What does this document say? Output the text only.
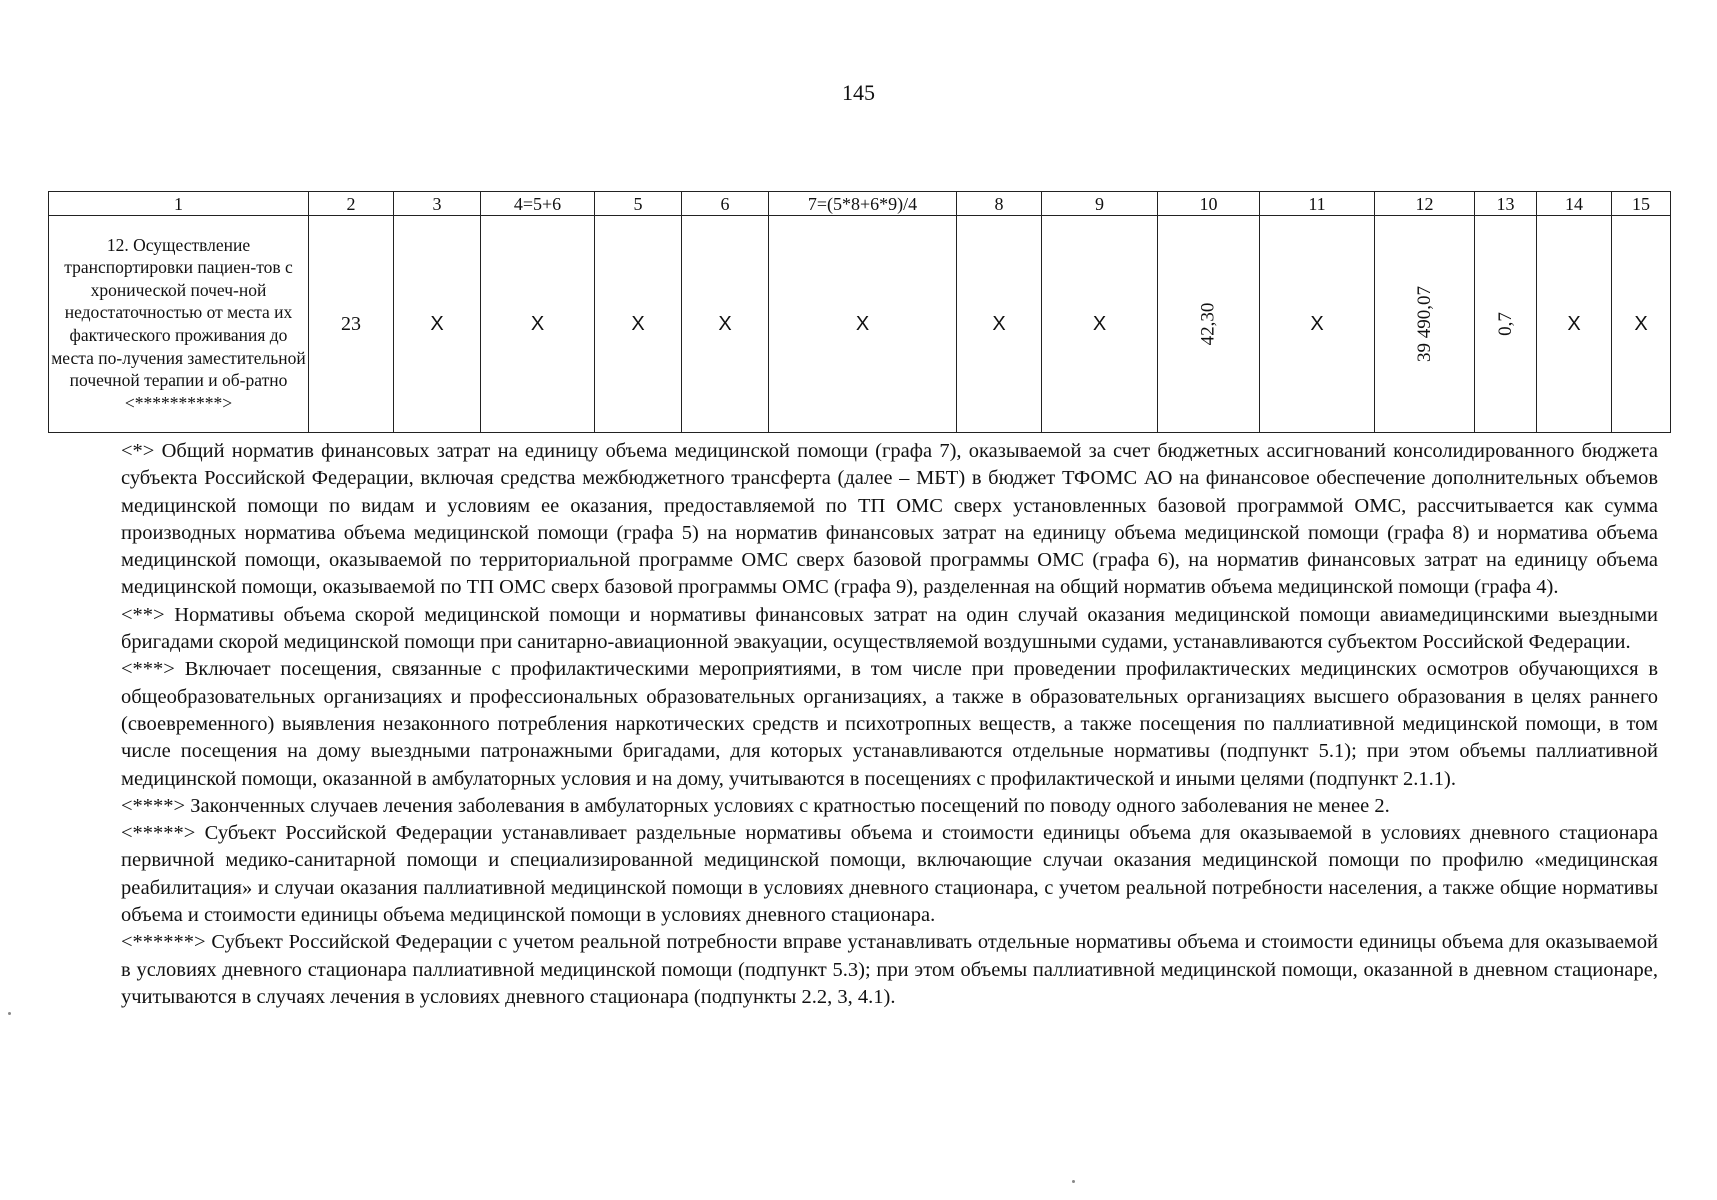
145
1	2	3	4=5+6	5	6	7=(5*8+6*9)/4	8	9	10	11	12	13	14	15
12. Осуществление транспортировки пациен-тов с хронической почеч-ной недостаточностью от места их фактического проживания до места по-лучения заместительной почечной терапии и об-ратно <**********>	23	Х	Х	Х	Х	Х	Х	Х	42,30	Х	39 490,07	0,7	Х	Х

<*> Общий норматив финансовых затрат на единицу объема медицинской помощи (графа 7), оказываемой за счет бюджетных ассигнований консолидированного бюджета субъекта Российской Федерации, включая средства межбюджетного трансферта (далее – МБТ) в бюджет ТФОМС АО на финансовое обеспечение дополнительных объемов медицинской помощи по видам и условиям ее оказания, предоставляемой по ТП ОМС сверх установленных базовой программой ОМС, рассчитывается как сумма производных норматива объема медицинской помощи (графа 5) на норматив финансовых затрат на единицу объема медицинской помощи (графа 8) и норматива объема медицинской помощи, оказываемой по территориальной программе ОМС сверх базовой программы ОМС (графа 6), на норматив финансовых затрат на единицу объема медицинской помощи, оказываемой по ТП ОМС сверх базовой программы ОМС (графа 9), разделенная на общий норматив объема медицинской помощи (графа 4).

<**> Нормативы объема скорой медицинской помощи и нормативы финансовых затрат на один случай оказания медицинской помощи авиамедицинскими выездными бригадами скорой медицинской помощи при санитарно-авиационной эвакуации, осуществляемой воздушными судами, устанавливаются субъектом Российской Федерации.

<***> Включает посещения, связанные с профилактическими мероприятиями, в том числе при проведении профилактических медицинских осмотров обучающихся в общеобразовательных организациях и профессиональных образовательных организациях, а также в образовательных организациях высшего образования в целях раннего (своевременного) выявления незаконного потребления наркотических средств и психотропных веществ, а также посещения по паллиативной медицинской помощи, в том числе посещения на дому выездными патронажными бригадами, для которых устанавливаются отдельные нормативы (подпункт 5.1); при этом объемы паллиативной медицинской помощи, оказанной в амбулаторных условия и на дому, учитываются в посещениях с профилактической и иными целями (подпункт 2.1.1).

<****> Законченных случаев лечения заболевания в амбулаторных условиях с кратностью посещений по поводу одного заболевания не менее 2.

<*****> Субъект Российской Федерации устанавливает раздельные нормативы объема и стоимости единицы объема для оказываемой в условиях дневного стационара первичной медико-санитарной помощи и специализированной медицинской помощи, включающие случаи оказания медицинской помощи по профилю «медицинская реабилитация» и случаи оказания паллиативной медицинской помощи в условиях дневного стационара, с учетом реальной потребности населения, а также общие нормативы объема и стоимости единицы объема медицинской помощи в условиях дневного стационара.

<******> Субъект Российской Федерации с учетом реальной потребности вправе устанавливать отдельные нормативы объема и стоимости единицы объема для оказываемой в условиях дневного стационара паллиативной медицинской помощи (подпункт 5.3); при этом объемы паллиативной медицинской помощи, оказанной в дневном стационаре, учитываются в случаях лечения в условиях дневного стационара (подпункты 2.2, 3, 4.1).
